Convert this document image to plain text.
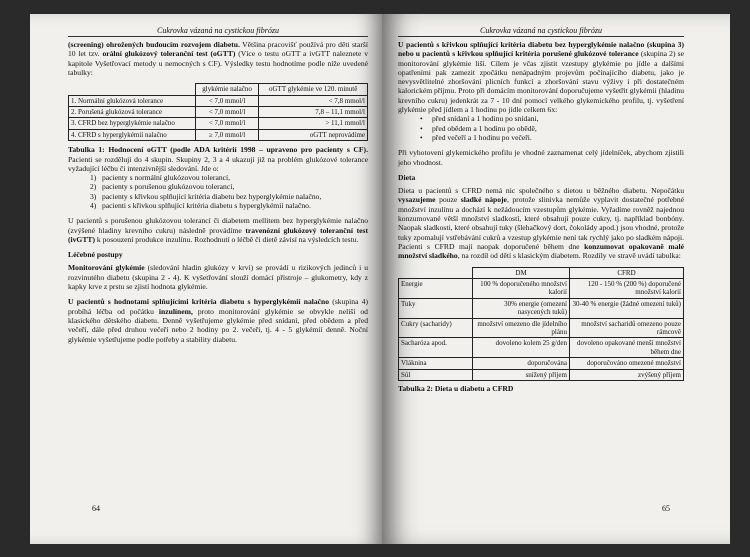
Cukrovka vázaná na cystickou fibrózu

(screening) ohrožených budoucím rozvojem diabetu. Většina pracovišť používá pro děti starší 10 let tzv. orální glukózový toleranční test (oGTT) (Více o testu oGTT a ivGTT naleznete v kapitole Vyšetřovací metody u nemocných s CF). Výsledky testu hodnotíme podle níže uvedené tabulky:

	glykémie nalačno	oGTT glykémie ve 120. minutě
1. Normální glukózová tolerance	< 7,0 mmol/l	< 7,8 mmol/l
2. Porušená glukózová tolerance	< 7,0 mmol/l	7,8 – 11,1 mmol/l
3. CFRD bez hyperglykémie nalačno	< 7,0 mmol/l	> 11,1 mmol/l
4. CFRD s hyperglykémií nalačno	≥ 7,0 mmol/l	oGTT neprovádíme

Tabulka 1: Hodnocení oGTT (podle ADA kritérií 1998 – upraveno pro pacienty s CF). Pacienti se rozdělují do 4 skupin. Skupiny 2, 3 a 4 ukazují již na problém glukózové tolerance vyžadující léčbu či intenzivnější sledování. Jde o:

1) pacienty s normální glukózovou tolerancí,
2) pacienty s porušenou glukózovou tolerancí,
3) pacienty s křivkou splňující kritéria diabetu bez hyperglykémie nalačno,
4) pacienti s křivkou splňující kritéria diabetu s hyperglykémií nalačno.

U pacientů s porušenou glukózovou tolerancí či diabetem mellitem bez hyperglykémie nalačno (zvýšené hladiny krevního cukru) následně provádíme travenózní glukózový toleranční test (ivGTT) k posouzení produkce inzulínu. Rozhodnutí o léčbě či dietě závisí na výsledcích testu.

Léčebné postupy

Monitorování glykémie (sledování hladin glukózy v krvi) se provádí u rizikových jedinců i u rozvinutého diabetu (skupina 2 - 4). K vyšetřování slouží domácí přístroje – glukometry, kdy z kapky krve z prstu se zjistí hodnota glykémie.

U pacientů s hodnotami splňujícími kritéria diabetu s hyperglykémií nalačno (skupina 4) probíhá léčba od počátku inzulínem, proto monitorování glykémie se obvykle neliší od klasického dětského diabetu. Denně vyšetřujeme glykémie před snídaní, před obědem a před večeří, dále před druhou večeří nebo 2 hodiny po 2. večeři, tj. 4 - 5 glykémií denně. Noční glykémie vyšetřujeme podle potřeby a stability diabetu.

64
Cukrovka vázaná na cystickou fibrózu

U pacientů s křivkou splňující kritéria diabetu bez hyperglykémie nalačno (skupina 3) nebo u pacientů s křivkou splňující kritéria porušené glukózové tolerance (skupina 2) se monitorování glykémie liší. Cílem je včas zjistit vzestupy glykémie po jídle a dalšími opatřeními pak zamezit zpočátku nenápadným projevům počínajícího diabetu, jako je nevysvětlitelné zhoršování plicních funkcí a zhoršování stavu výživy i při dostatečném kalorickém příjmu. Proto při domácím monitorování doporučujeme vyšetřit glykémii (hladinu krevního cukru) jedenkrát za 7 - 10 dní pomocí velkého glykemického profilu, tj. vyšetření glykémie před jídlem a 1 hodinu po jídle celkem 6x:

•	před snídaní a 1 hodinu po snídani,
•	před obědem a 1 hodinu po obědě,
•	před večeří a 1 hodinu po večeři.

Při vyhotovení glykemického profilu je vhodné zaznamenat celý jídelníček, abychom zjistili jeho vhodnost.

Dieta

Dieta u pacientů s CFRD nemá nic společného s dietou u běžného diabetu. Nepočátku vysazujeme pouze sladké nápoje, protože slinivka nemůže vyplavit dostatečné potřebné množství inzulínu a dochází k nežádoucím vzestupům glykémie. Vyřadíme rovněž najednou konzumované větší množství sladkostí, které obsahují pouze cukry, tj. například bonbóny. Naopak sladkosti, které obsahují tuky (šlehačkový dort, čokolády apod.) jsou vhodné, protože tuky zpomalují vstřebávání cukrů a vzestup glykémie není tak rychlý jako po sladkém nápoji. Pacienti s CFRD mají naopak doporučené během dne konzumovat opakovaně malé množství sladkého, na rozdíl od dětí s klasickým diabetem. Rozdíly ve stravě uvádí tabulka:

	DM	CFRD
Energie	100 % doporučeného množství kalorií	120 - 150 % (200 %) doporučené množství kalorií
Tuky	30% energie (omezení nasycených tuků)	30-40 % energie (žádné omezení tuků)
Cukry (sacharidy)	množství omezeno dle jídelního plánu	množství sacharidů omezeno pouze rámcově
Sacharóza apod.	dovoleno kolem 25 g/den	dovoleno opakované menší množství během dne
Vláknina	doporučována	doporučováno omezené množství
Sůl	snížený příjem	zvýšený příjem
Tabulka 2: Dieta u diabetu a CFRD
65
